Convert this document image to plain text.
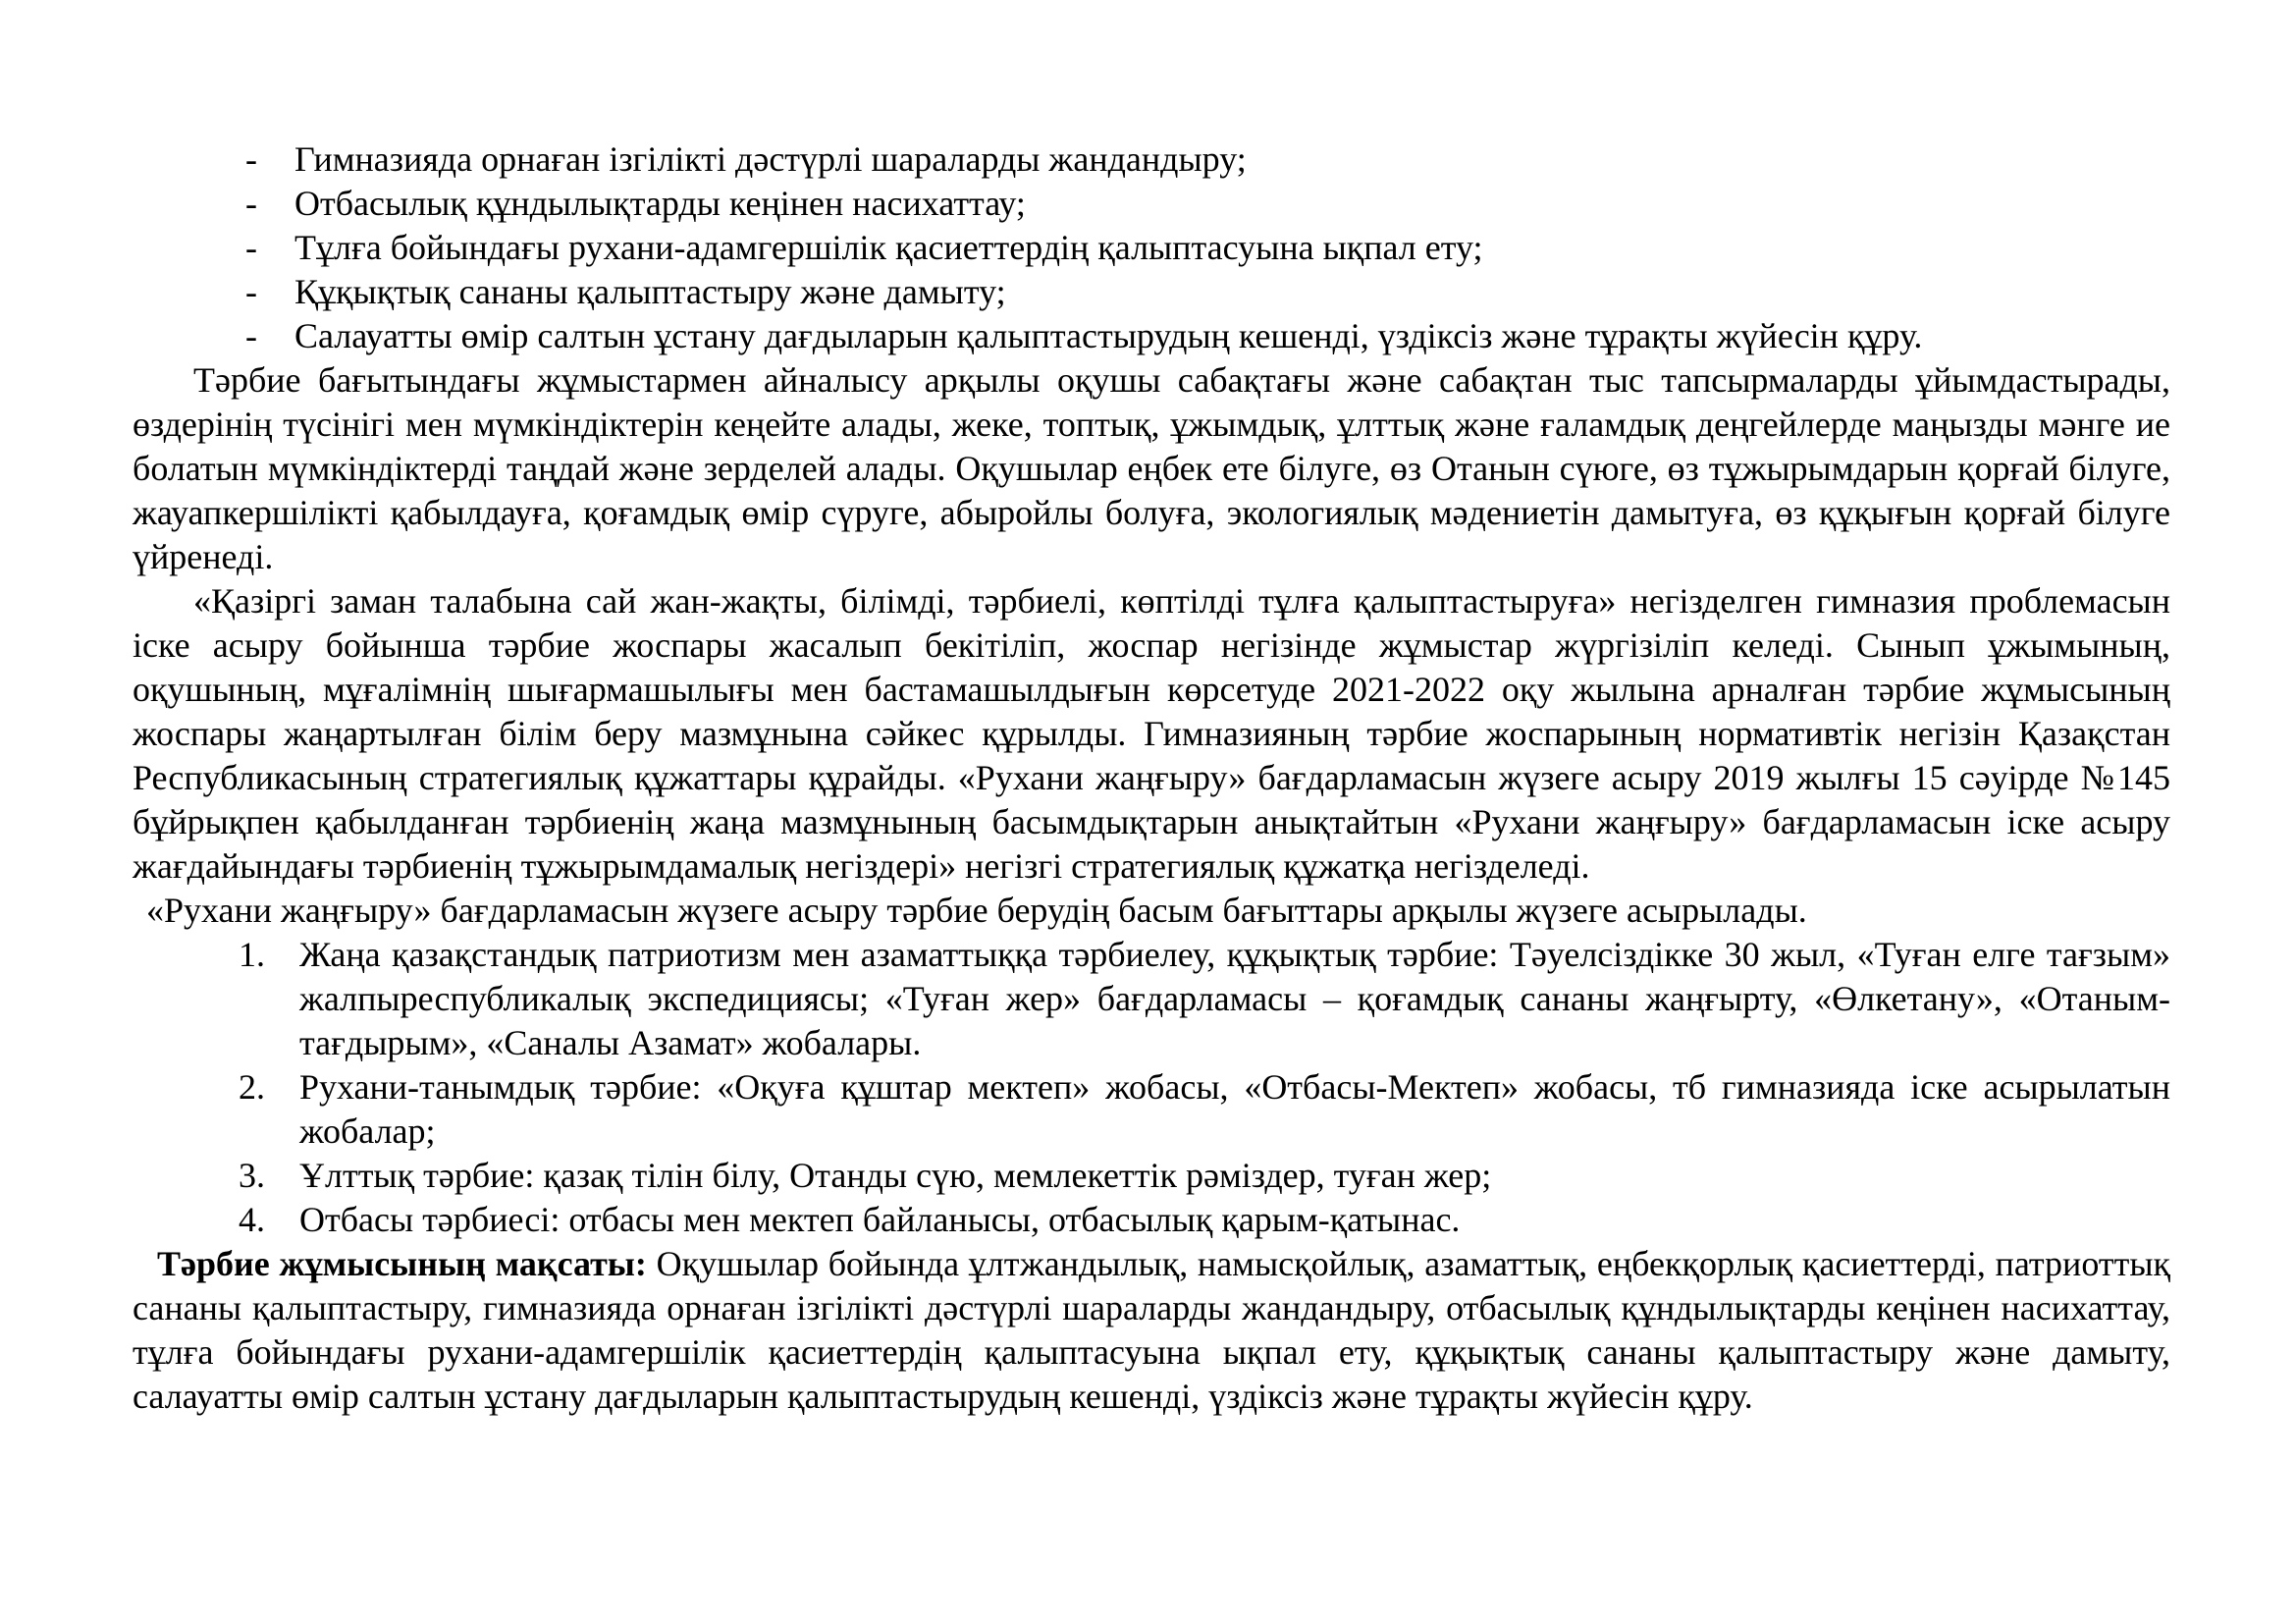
- Гимназияда орнаған ізгілікті дәстүрлі шараларды жандандыру;
- Отбасылық құндылықтарды кеңінен насихаттау;
- Тұлға бойындағы рухани-адамгершілік қасиеттердің қалыптасуына ықпал ету;
- Құқықтық сананы қалыптастыру және дамыту;
- Салауатты өмір салтын ұстану дағдыларын қалыптастырудың кешенді, үздіксіз және тұрақты жүйесін құру.

Тәрбие бағытындағы жұмыстармен айналысу арқылы оқушы сабақтағы және сабақтан тыс тапсырмаларды ұйымдастырады, өздерінің түсінігі мен мүмкіндіктерін кеңейте алады, жеке, топтық, ұжымдық, ұлттық және ғаламдық деңгейлерде маңызды мәнге ие болатын мүмкіндіктерді таңдай және зерделей алады. Оқушылар еңбек ете білуге, өз Отанын сүюге, өз тұжырымдарын қорғай білуге, жауапкершілікті қабылдауға, қоғамдық өмір сүруге, абыройлы болуға, экологиялық мәдениетін дамытуға, өз құқығын қорғай білуге үйренеді.

«Қазіргі заман талабына сай жан-жақты, білімді, тәрбиелі, көптілді тұлға қалыптастыруға» негізделген гимназия проблемасын іске асыру бойынша тәрбие жоспары жасалып бекітіліп, жоспар негізінде жұмыстар жүргізіліп келеді. Сынып ұжымының, оқушының, мұғалімнің шығармашылығы мен бастамашылдығын көрсетуде 2021-2022 оқу жылына арналған тәрбие жұмысының жоспары жаңартылған білім беру мазмұнына сәйкес құрылды. Гимназияның тәрбие жоспарының нормативтік негізін Қазақстан Республикасының стратегиялық құжаттары құрайды. «Рухани жаңғыру» бағдарламасын жүзеге асыру 2019 жылғы 15 сәуірде №145 бұйрықпен қабылданған тәрбиенің жаңа мазмұнының басымдықтарын анықтайтын «Рухани жаңғыру» бағдарламасын іске асыру жағдайындағы тәрбиенің тұжырымдамалық негіздері» негізгі стратегиялық құжатқа негізделеді.

«Рухани жаңғыру» бағдарламасын жүзеге асыру тәрбие берудің басым бағыттары арқылы жүзеге асырылады.

1. Жаңа қазақстандық патриотизм мен азаматтыққа тәрбиелеу, құқықтық тәрбие: Тәуелсіздікке 30 жыл, «Туған елге тағзым» жалпыреспубликалық экспедициясы; «Туған жер» бағдарламасы – қоғамдық сананы жаңғырту, «Өлкетану», «Отаным-тағдырым», «Саналы Азамат» жобалары.
2. Рухани-танымдық тәрбие: «Оқуға құштар мектеп» жобасы, «Отбасы-Мектеп» жобасы, тб гимназияда іске асырылатын жобалар;
3. Ұлттық тәрбие: қазақ тілін білу, Отанды сүю, мемлекеттік рәміздер, туған жер;
4. Отбасы тәрбиесі: отбасы мен мектеп байланысы, отбасылық қарым-қатынас.

Тәрбие жұмысының мақсаты: Оқушылар бойында ұлтжандылық, намысқойлық, азаматтық, еңбекқорлық қасиеттерді, патриоттық сананы қалыптастыру, гимназияда орнаған ізгілікті дәстүрлі шараларды жандандыру, отбасылық құндылықтарды кеңінен насихаттау, тұлға бойындағы рухани-адамгершілік қасиеттердің қалыптасуына ықпал ету, құқықтық сананы қалыптастыру және дамыту, салауатты өмір салтын ұстану дағдыларын қалыптастырудың кешенді, үздіксіз және тұрақты жүйесін құру.
